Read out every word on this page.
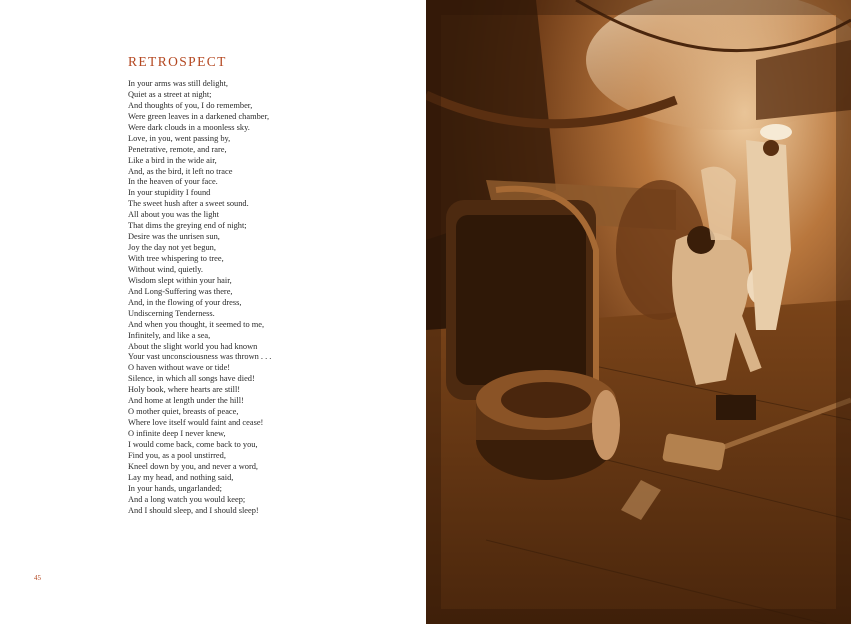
RETROSPECT
In your arms was still delight,
Quiet as a street at night;
And thoughts of you, I do remember,
Were green leaves in a darkened chamber,
Were dark clouds in a moonless sky.
Love, in you, went passing by,
Penetrative, remote, and rare,
Like a bird in the wide air,
And, as the bird, it left no trace
In the heaven of your face.
In your stupidity I found
The sweet hush after a sweet sound.
All about you was the light
That dims the greying end of night;
Desire was the unrisen sun,
Joy the day not yet begun,
With tree whispering to tree,
Without wind, quietly.
Wisdom slept within your hair,
And Long-Suffering was there,
And, in the flowing of your dress,
Undiscerning Tenderness.
And when you thought, it seemed to me,
Infinitely, and like a sea,
About the slight world you had known
Your vast unconsciousness was thrown . . .
O haven without wave or tide!
Silence, in which all songs have died!
Holy book, where hearts are still!
And home at length under the hill!
O mother quiet, breasts of peace,
Where love itself would faint and cease!
O infinite deep I never knew,
I would come back, come back to you,
Find you, as a pool unstirred,
Kneel down by you, and never a word,
Lay my head, and nothing said,
In your hands, ungarlanded;
And a long watch you would keep;
And I should sleep, and I should sleep!
45
